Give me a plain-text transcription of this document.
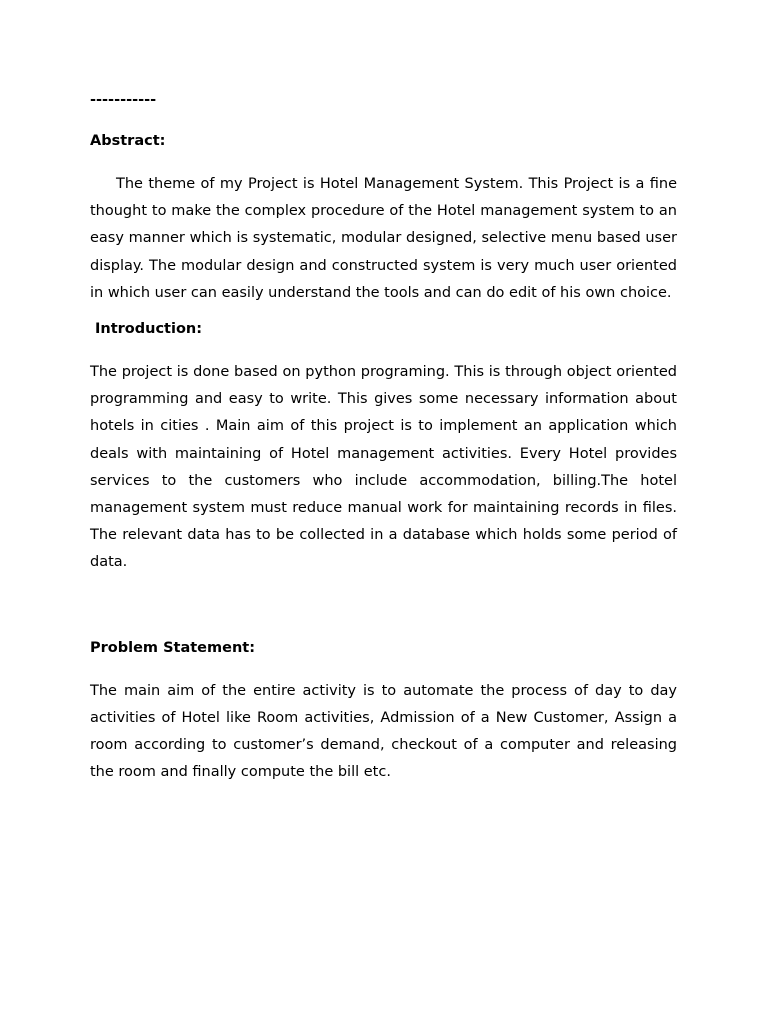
-----------
Abstract:

The theme of my Project is Hotel Management System. This Project is a fine thought to make the complex procedure of the Hotel management system to an easy manner which is systematic, modular designed, selective menu based user display. The modular design and constructed system is very much user oriented in which user can easily understand the tools and can do edit of his own choice.

Introduction:

The project is done based on python programing. This is through object oriented programming and easy to write. This gives some necessary information about hotels in cities . Main aim of this project is to implement an application which deals with maintaining of Hotel management activities. Every Hotel provides services to the customers who include accommodation, billing.The hotel management system must reduce manual work for maintaining records in files. The relevant data has to be collected in a database which holds some period of data.

Problem Statement:

The main aim of the entire activity is to automate the process of day to day activities of Hotel like Room activities, Admission of a New Customer, Assign a room according to customer’s demand, checkout of a computer and releasing the room and finally compute the bill etc.
